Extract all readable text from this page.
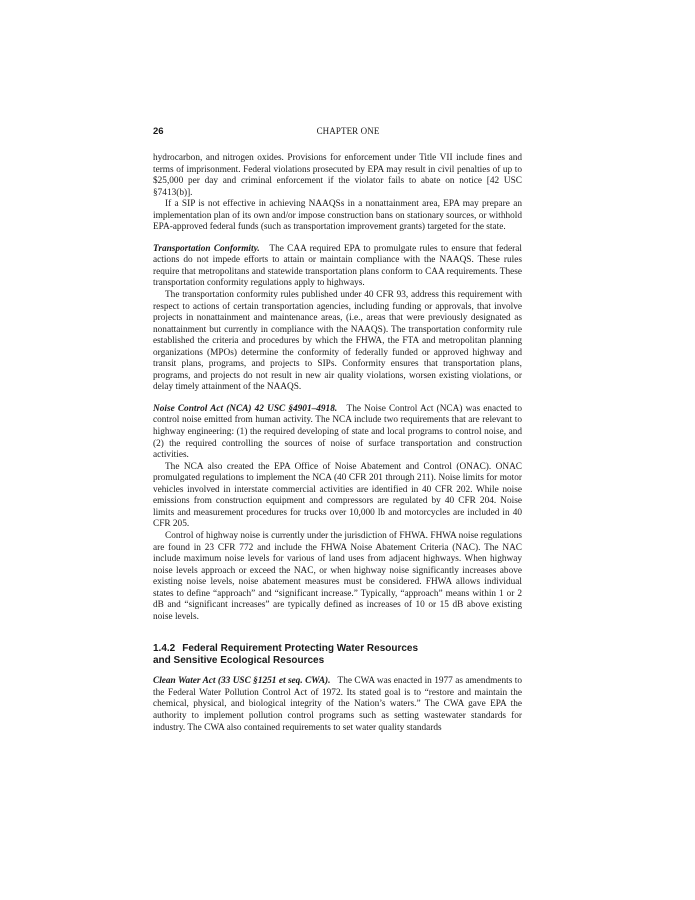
26	CHAPTER ONE

hydrocarbon, and nitrogen oxides. Provisions for enforcement under Title VII include fines and terms of imprisonment. Federal violations prosecuted by EPA may result in civil penalties of up to $25,000 per day and criminal enforcement if the violator fails to abate on notice [42 USC §7413(b)].

If a SIP is not effective in achieving NAAQSs in a nonattainment area, EPA may prepare an implementation plan of its own and/or impose construction bans on stationary sources, or withhold EPA-approved federal funds (such as transportation improvement grants) targeted for the state.

Transportation Conformity. The CAA required EPA to promulgate rules to ensure that federal actions do not impede efforts to attain or maintain compliance with the NAAQS. These rules require that metropolitans and statewide transportation plans conform to CAA requirements. These transportation conformity regulations apply to highways.

The transportation conformity rules published under 40 CFR 93, address this requirement with respect to actions of certain transportation agencies, including funding or approvals, that involve projects in nonattainment and maintenance areas, (i.e., areas that were previously designated as nonattainment but currently in compliance with the NAAQS). The transportation conformity rule established the criteria and procedures by which the FHWA, the FTA and metropolitan planning organizations (MPOs) determine the conformity of federally funded or approved highway and transit plans, programs, and projects to SIPs. Conformity ensures that transportation plans, programs, and projects do not result in new air quality violations, worsen existing violations, or delay timely attainment of the NAAQS.

Noise Control Act (NCA) 42 USC §4901–4918. The Noise Control Act (NCA) was enacted to control noise emitted from human activity. The NCA include two requirements that are relevant to highway engineering: (1) the required developing of state and local programs to control noise, and (2) the required controlling the sources of noise of surface transportation and construction activities.

The NCA also created the EPA Office of Noise Abatement and Control (ONAC). ONAC promulgated regulations to implement the NCA (40 CFR 201 through 211). Noise limits for motor vehicles involved in interstate commercial activities are identified in 40 CFR 202. While noise emissions from construction equipment and compressors are regulated by 40 CFR 204. Noise limits and measurement procedures for trucks over 10,000 lb and motorcycles are included in 40 CFR 205.

Control of highway noise is currently under the jurisdiction of FHWA. FHWA noise regulations are found in 23 CFR 772 and include the FHWA Noise Abatement Criteria (NAC). The NAC include maximum noise levels for various of land uses from adjacent highways. When highway noise levels approach or exceed the NAC, or when highway noise significantly increases above existing noise levels, noise abatement measures must be considered. FHWA allows individual states to define “approach” and “significant increase.” Typically, “approach” means within 1 or 2 dB and “significant increases” are typically defined as increases of 10 or 15 dB above existing noise levels.

1.4.2 Federal Requirement Protecting Water Resources
and Sensitive Ecological Resources

Clean Water Act (33 USC §1251 et seq. CWA). The CWA was enacted in 1977 as amendments to the Federal Water Pollution Control Act of 1972. Its stated goal is to “restore and maintain the chemical, physical, and biological integrity of the Nation’s waters.” The CWA gave EPA the authority to implement pollution control programs such as setting wastewater standards for industry. The CWA also contained requirements to set water quality standards
